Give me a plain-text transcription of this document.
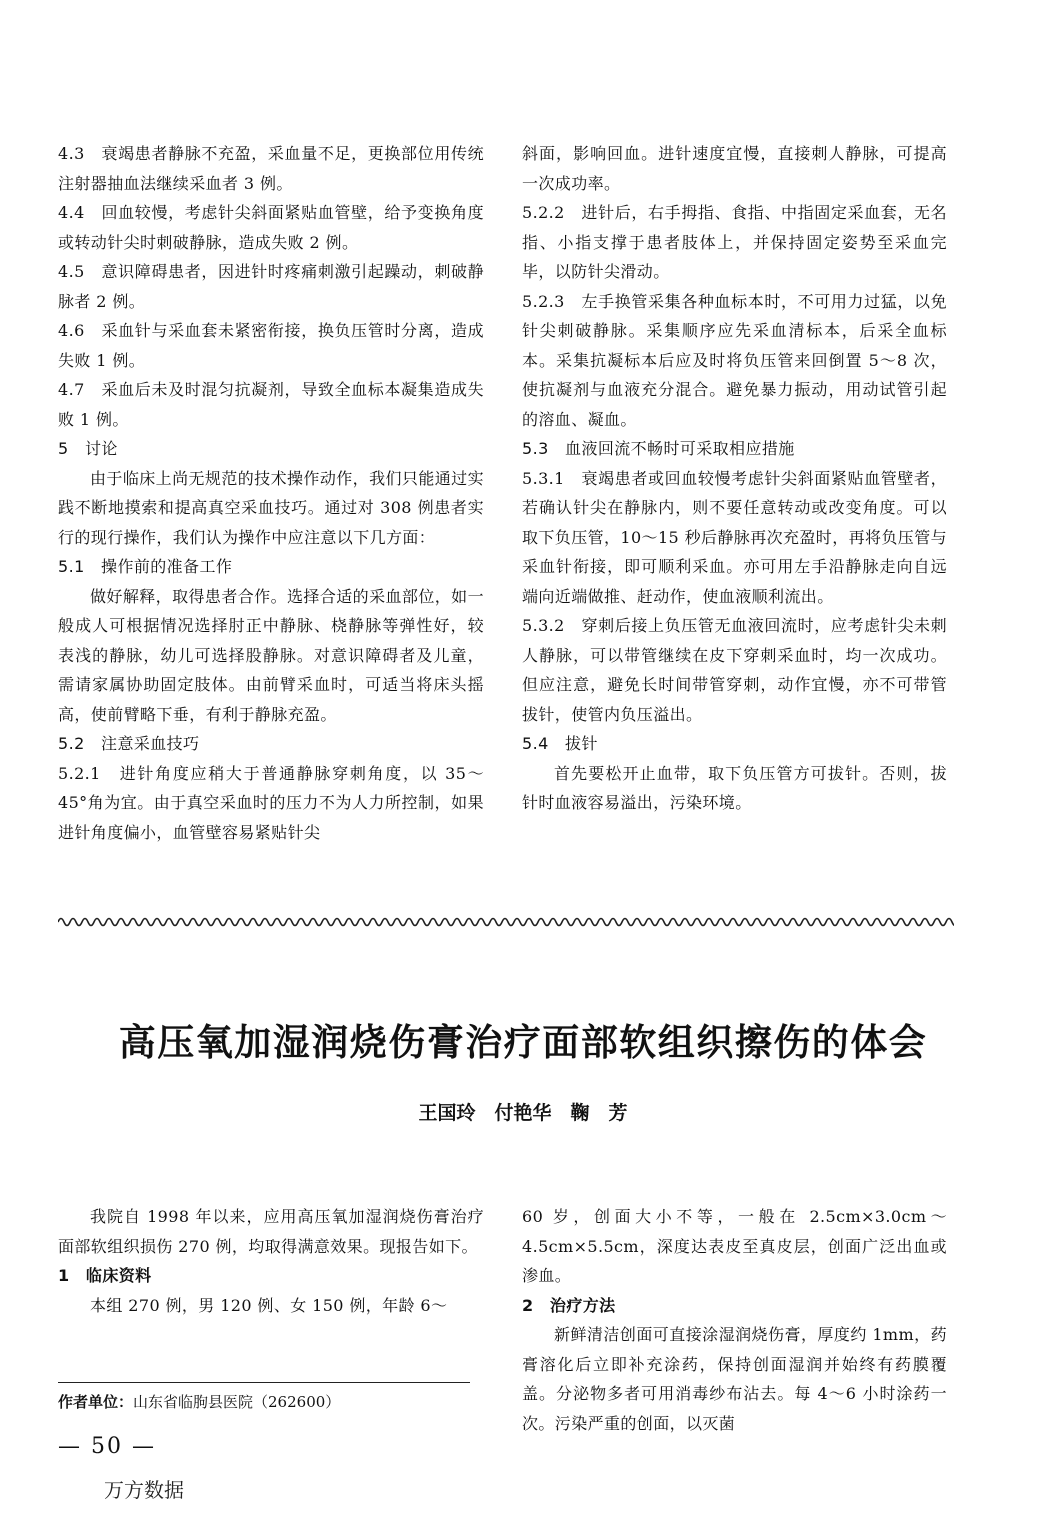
4.3　衰竭患者静脉不充盈，采血量不足，更换部位用传统注射器抽血法继续采血者 3 例。

4.4　回血较慢，考虑针尖斜面紧贴血管壁，给予变换角度或转动针尖时刺破静脉，造成失败 2 例。

4.5　意识障碍患者，因进针时疼痛刺激引起躁动，刺破静脉者 2 例。

4.6　采血针与采血套未紧密衔接，换负压管时分离，造成失败 1 例。

4.7　采血后未及时混匀抗凝剂，导致全血标本凝集造成失败 1 例。

5　讨论

由于临床上尚无规范的技术操作动作，我们只能通过实践不断地摸索和提高真空采血技巧。通过对 308 例患者实行的现行操作，我们认为操作中应注意以下几方面：

5.1　操作前的准备工作

做好解释，取得患者合作。选择合适的采血部位，如一般成人可根据情况选择肘正中静脉、桡静脉等弹性好，较表浅的静脉，幼儿可选择股静脉。对意识障碍者及儿童，需请家属协助固定肢体。由前臂采血时，可适当将床头摇高，使前臂略下垂，有利于静脉充盈。

5.2　注意采血技巧

5.2.1　进针角度应稍大于普通静脉穿刺角度，以 35～45°角为宜。由于真空采血时的压力不为人力所控制，如果进针角度偏小，血管壁容易紧贴针尖

斜面，影响回血。进针速度宜慢，直接刺人静脉，可提高一次成功率。

5.2.2　进针后，右手拇指、食指、中指固定采血套，无名指、小指支撑于患者肢体上，并保持固定姿势至采血完毕，以防针尖滑动。

5.2.3　左手换管采集各种血标本时，不可用力过猛，以免针尖刺破静脉。采集顺序应先采血清标本，后采全血标本。采集抗凝标本后应及时将负压管来回倒置 5～8 次，使抗凝剂与血液充分混合。避免暴力振动，用动试管引起的溶血、凝血。

5.3　血液回流不畅时可采取相应措施

5.3.1　衰竭患者或回血较慢考虑针尖斜面紧贴血管壁者，若确认针尖在静脉内，则不要任意转动或改变角度。可以取下负压管，10～15 秒后静脉再次充盈时，再将负压管与采血针衔接，即可顺利采血。亦可用左手沿静脉走向自远端向近端做推、赶动作，使血液顺利流出。

5.3.2　穿刺后接上负压管无血液回流时，应考虑针尖未刺人静脉，可以带管继续在皮下穿刺采血时，均一次成功。但应注意，避免长时间带管穿刺，动作宜慢，亦不可带管拔针，使管内负压溢出。

5.4　拔针

首先要松开止血带，取下负压管方可拔针。否则，拔针时血液容易溢出，污染环境。

高压氧加湿润烧伤膏治疗面部软组织擦伤的体会
王国玲　付艳华　鞠　芳

我院自 1998 年以来，应用高压氧加湿润烧伤膏治疗面部软组织损伤 270 例，均取得满意效果。现报告如下。

1　临床资料

本组 270 例，男 120 例、女 150 例，年龄 6～

60 岁，创面大小不等，一般在 2.5cm×3.0cm～4.5cm×5.5cm，深度达表皮至真皮层，创面广泛出血或渗血。

2　治疗方法

新鲜清洁创面可直接涂湿润烧伤膏，厚度约 1mm，药膏溶化后立即补充涂药，保持创面湿润并始终有药膜覆盖。分泌物多者可用消毒纱布沾去。每 4～6 小时涂药一次。污染严重的创面，以灭菌

作者单位：山东省临朐县医院（262600）
— 50 —
万方数据
